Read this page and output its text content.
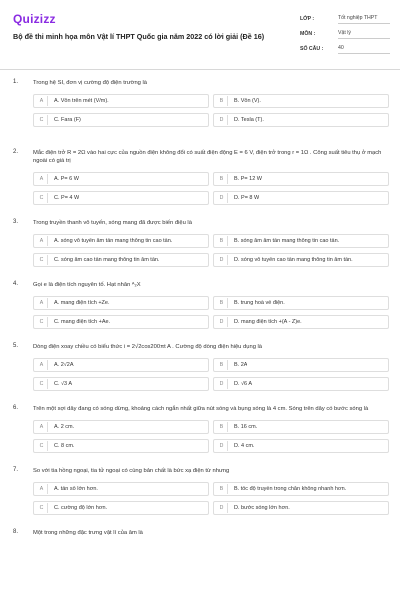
Quizizz
Bộ đề thi minh họa môn Vật lí THPT Quốc gia năm 2022 có lời giải (Đề 16)
LỚP :	Tốt nghiệp THPT
MÔN :	Vật lý
SỐ CÂU :	40
1.	Trong hệ SI, đơn vị cường độ điện trường là
A	A. Vôn trên mét (V/m).	B	B. Vôn (V).
C	C. Fara (F)	D	D. Tesla (T).
2.	Mắc điện trở R = 2Ω vào hai cực của nguồn điện không đổi có suất điện động E = 6 V, điện trở trong r = 1Ω . Công suất tiêu thụ ở mạch ngoài có giá trị
A	A. P= 6 W	B	B. P= 12 W
C	C. P= 4 W	D	D. P= 8 W
3.	Trong truyền thanh vô tuyến, sóng mang đã được biến điệu là
A	A. sóng vô tuyến âm tần mang thông tin cao tần.	B	B. sóng âm âm tần mang thông tin cao tần.
C	C. sóng âm cao tần mang thông tin âm tần.	D	D. sóng vô tuyến cao tần mang thông tin âm tần.
4.	Gọi e là điện tích nguyên tố. Hạt nhân ᴬ₂X
A	A. mang điện tích +Ze.	B	B. trung hoà về điện.
C	C. mang điện tích +Ae.	D	D. mang điện tích +(A - Z)e.
5.	Dòng điện xoay chiều có biểu thức i = 2√2cos200πt A . Cường độ dòng điện hiệu dụng là
A	A. 2√2A	B	B. 2A
C	C. √3 A	D	D. √6 A
6.	Trên một sợi dây đang có sóng dừng, khoảng cách ngắn nhất giữa nút sóng và bụng sóng là 4 cm. Sóng trên dây có bước sóng là
A	A. 2 cm.	B	B. 16 cm.
C	C. 8 cm.	D	D. 4 cm.
7.	So với tia hồng ngoại, tia tử ngoại có cùng bản chất là bức xạ điện từ nhưng
A	A. tần số lớn hơn.	B	B. tốc độ truyền trong chân không nhanh hơn.
C	C. cường độ lớn hơn.	D	D. bước sóng lớn hơn.
8.	Một trong những đặc trưng vật lí của âm là
